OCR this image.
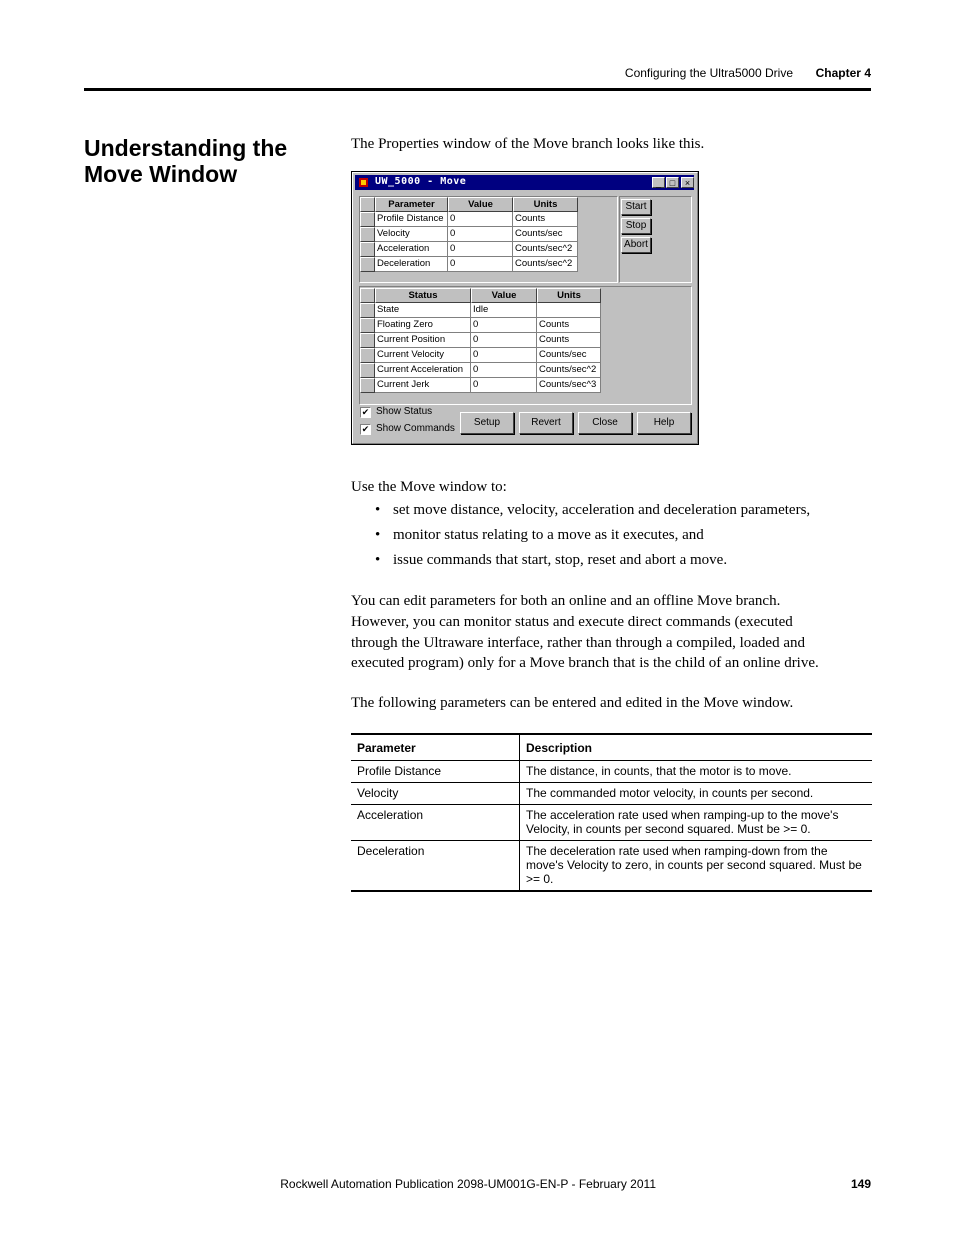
Configuring the Ultra5000 Drive	Chapter 4
Understanding the Move Window
The Properties window of the Move branch looks like this.
UW_5000 - Move	_ □	×
Parameter	Value	Units
Profile Distance 0	Counts
Velocity	0	Counts/sec
Acceleration	0	Counts/sec^2
Deceleration	0	Counts/sec^2
Start
Stop
Abort
Status	Value	Units
State	Idle
Floating Zero	0	Counts
Current Position	0	Counts
Current Velocity	0	Counts/sec
Current Acceleration	0	Counts/sec^2
Current Jerk	0	Counts/sec^3
✔ Show Status
✔ Show Commands
Setup	Revert	Close	Help
Use the Move window to:
• set move distance, velocity, acceleration and deceleration parameters,
• monitor status relating to a move as it executes, and
• issue commands that start, stop, reset and abort a move.
You can edit parameters for both an online and an offline Move branch.
However, you can monitor status and execute direct commands (executed
through the Ultraware interface, rather than through a compiled, loaded and
executed program) only for a Move branch that is the child of an online drive.
The following parameters can be entered and edited in the Move window.
Parameter	Description
Profile Distance	The distance, in counts, that the motor is to move.
Velocity	The commanded motor velocity, in counts per second.
Acceleration	The acceleration rate used when ramping-up to the move's Velocity, in counts per second squared. Must be >= 0.
Deceleration	The deceleration rate used when ramping-down from the move's Velocity to zero, in counts per second squared. Must be >= 0.
Rockwell Automation Publication 2098-UM001G-EN-P - February 2011	149
